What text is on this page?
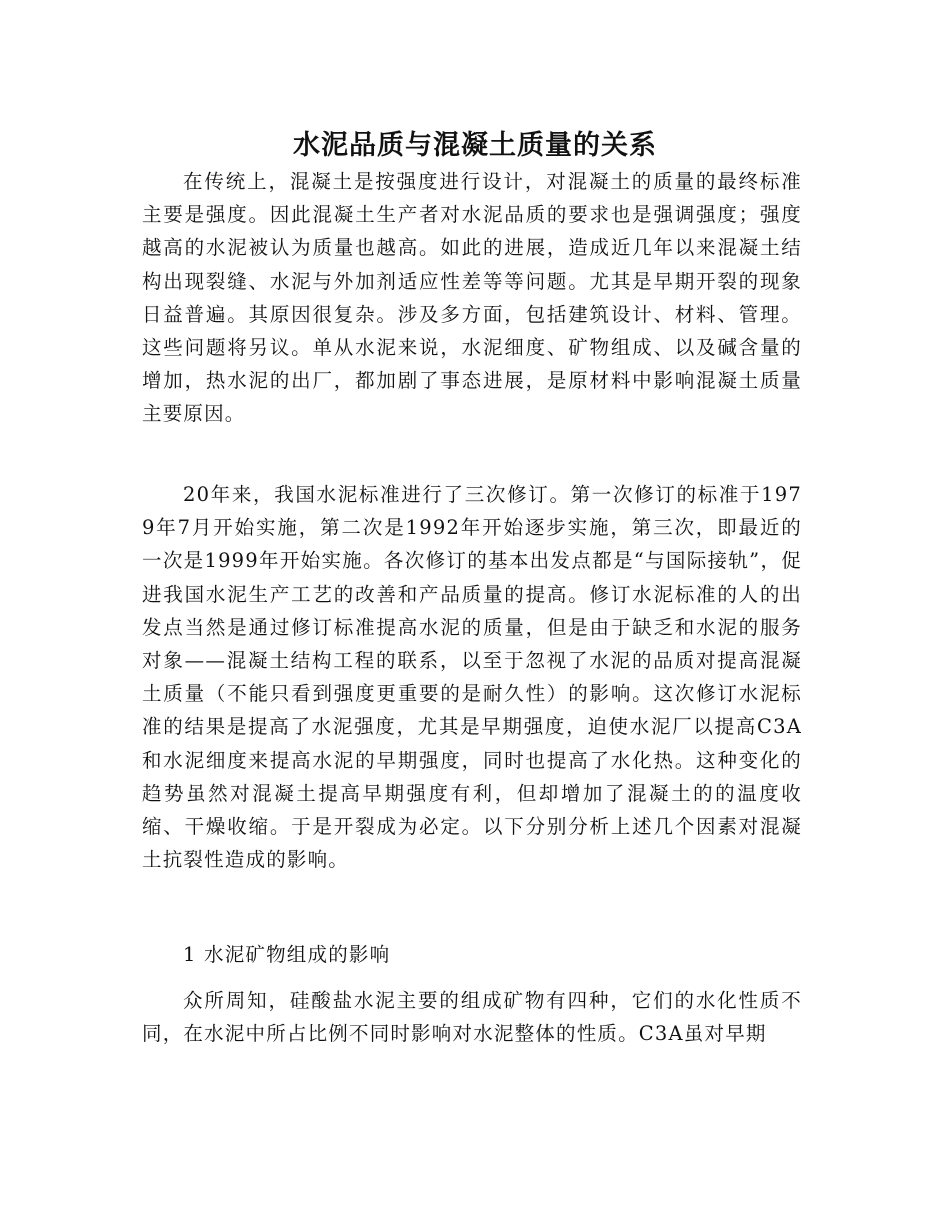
水泥品质与混凝土质量的关系

在传统上，混凝土是按强度进行设计，对混凝土的质量的最终标准主要是强度。因此混凝土生产者对水泥品质的要求也是强调强度；强度越高的水泥被认为质量也越高。如此的进展，造成近几年以来混凝土结构出现裂缝、水泥与外加剂适应性差等等问题。尤其是早期开裂的现象日益普遍。其原因很复杂。涉及多方面，包括建筑设计、材料、管理。这些问题将另议。单从水泥来说，水泥细度、矿物组成、以及碱含量的增加，热水泥的出厂，都加剧了事态进展，是原材料中影响混凝土质量主要原因。

20年来，我国水泥标准进行了三次修订。第一次修订的标准于1979年7月开始实施，第二次是1992年开始逐步实施，第三次，即最近的一次是1999年开始实施。各次修订的基本出发点都是“与国际接轨”，促进我国水泥生产工艺的改善和产品质量的提高。修订水泥标准的人的出发点当然是通过修订标准提高水泥的质量，但是由于缺乏和水泥的服务对象——混凝土结构工程的联系，以至于忽视了水泥的品质对提高混凝土质量（不能只看到强度更重要的是耐久性）的影响。这次修订水泥标准的结果是提高了水泥强度，尤其是早期强度，迫使水泥厂以提高C3A和水泥细度来提高水泥的早期强度，同时也提高了水化热。这种变化的趋势虽然对混凝土提高早期强度有利，但却增加了混凝土的的温度收缩、干燥收缩。于是开裂成为必定。以下分别分析上述几个因素对混凝土抗裂性造成的影响。

1 水泥矿物组成的影响

众所周知，硅酸盐水泥主要的组成矿物有四种，它们的水化性质不同，在水泥中所占比例不同时影响对水泥整体的性质。C3A虽对早期
